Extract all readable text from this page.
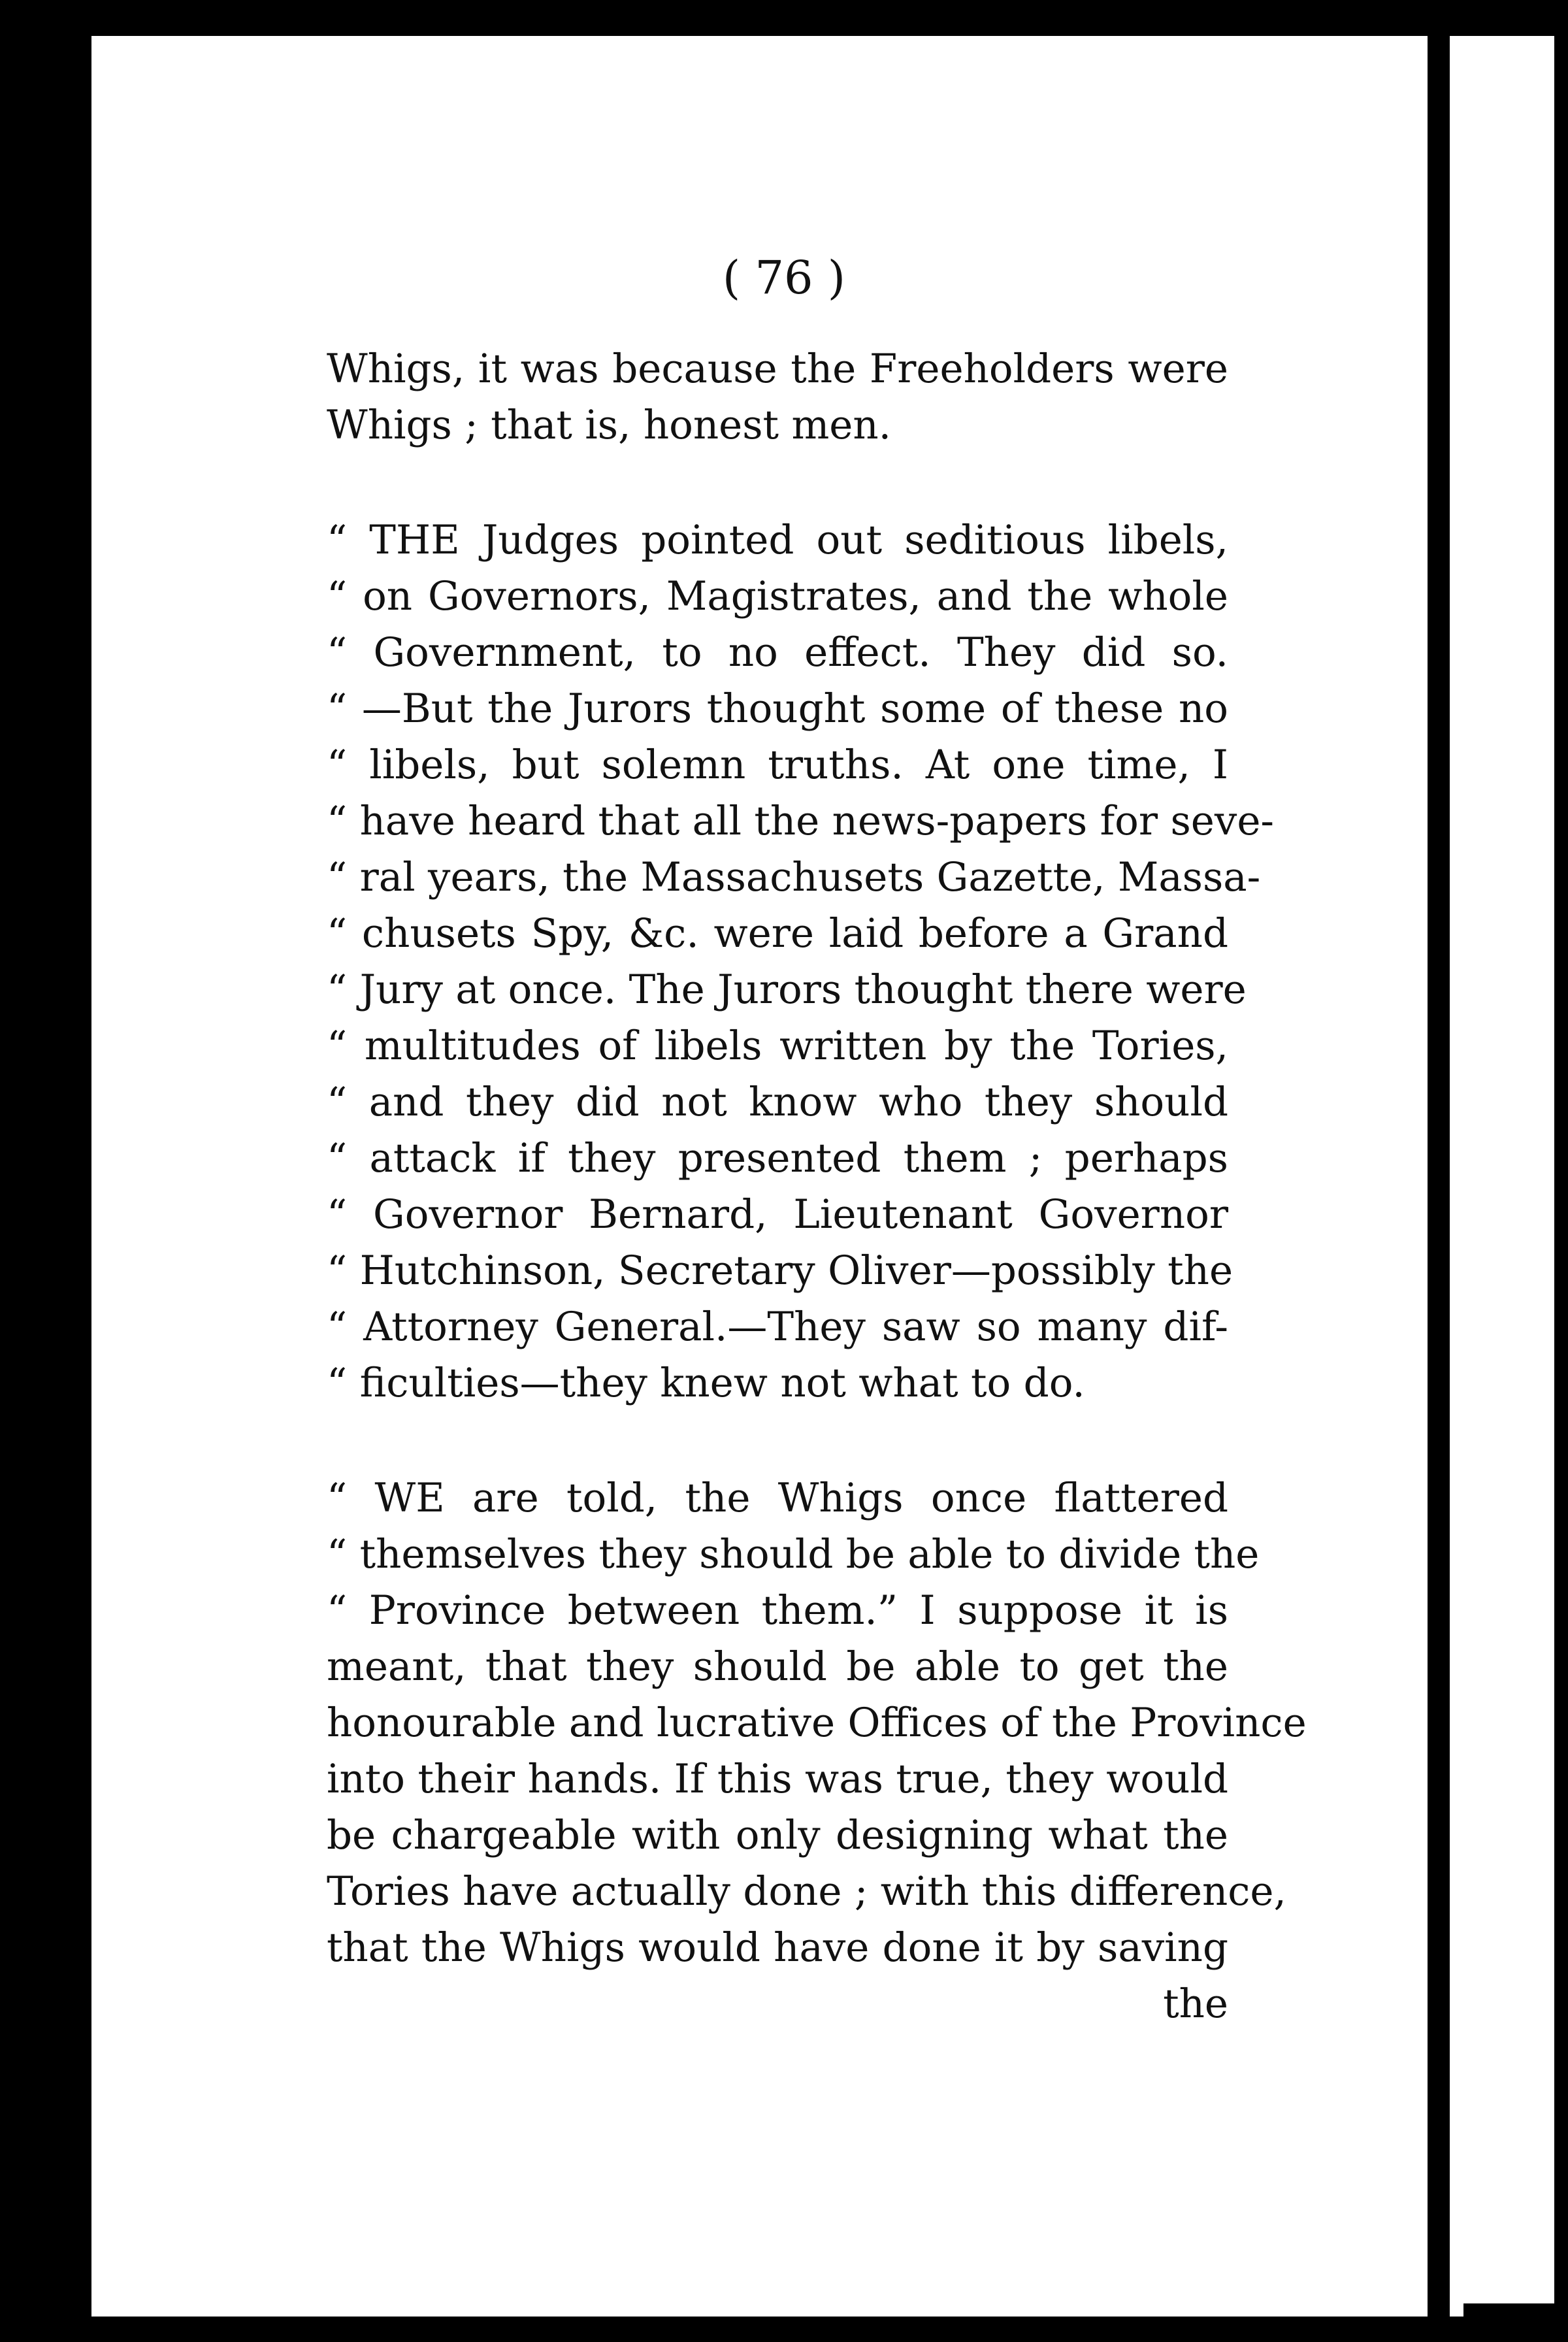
( 76 )
Whigs, it was because the Freeholders were
Whigs ; that is, honest men.
“ THE Judges pointed out seditious libels,
“ on Governors, Magistrates, and the whole
“ Government, to no effect. They did so.
“ —But the Jurors thought some of these no
“ libels, but solemn truths. At one time, I
“ have heard that all the news-papers for seve-
“ ral years, the Massachusets Gazette, Massa-
“ chusets Spy, &c. were laid before a Grand
“ Jury at once. The Jurors thought there were
“ multitudes of libels written by the Tories,
“ and they did not know who they should
“ attack if they presented them ; perhaps
“ Governor Bernard, Lieutenant Governor
“ Hutchinson, Secretary Oliver—possibly the
“ Attorney General.—They saw so many dif-
“ ficulties—they knew not what to do.
“ WE are told, the Whigs once flattered
“ themselves they should be able to divide the
“ Province between them.” I suppose it is
meant, that they should be able to get the
honourable and lucrative Offices of the Province
into their hands. If this was true, they would
be chargeable with only designing what the
Tories have actually done ; with this difference,
that the Whigs would have done it by saving
the
